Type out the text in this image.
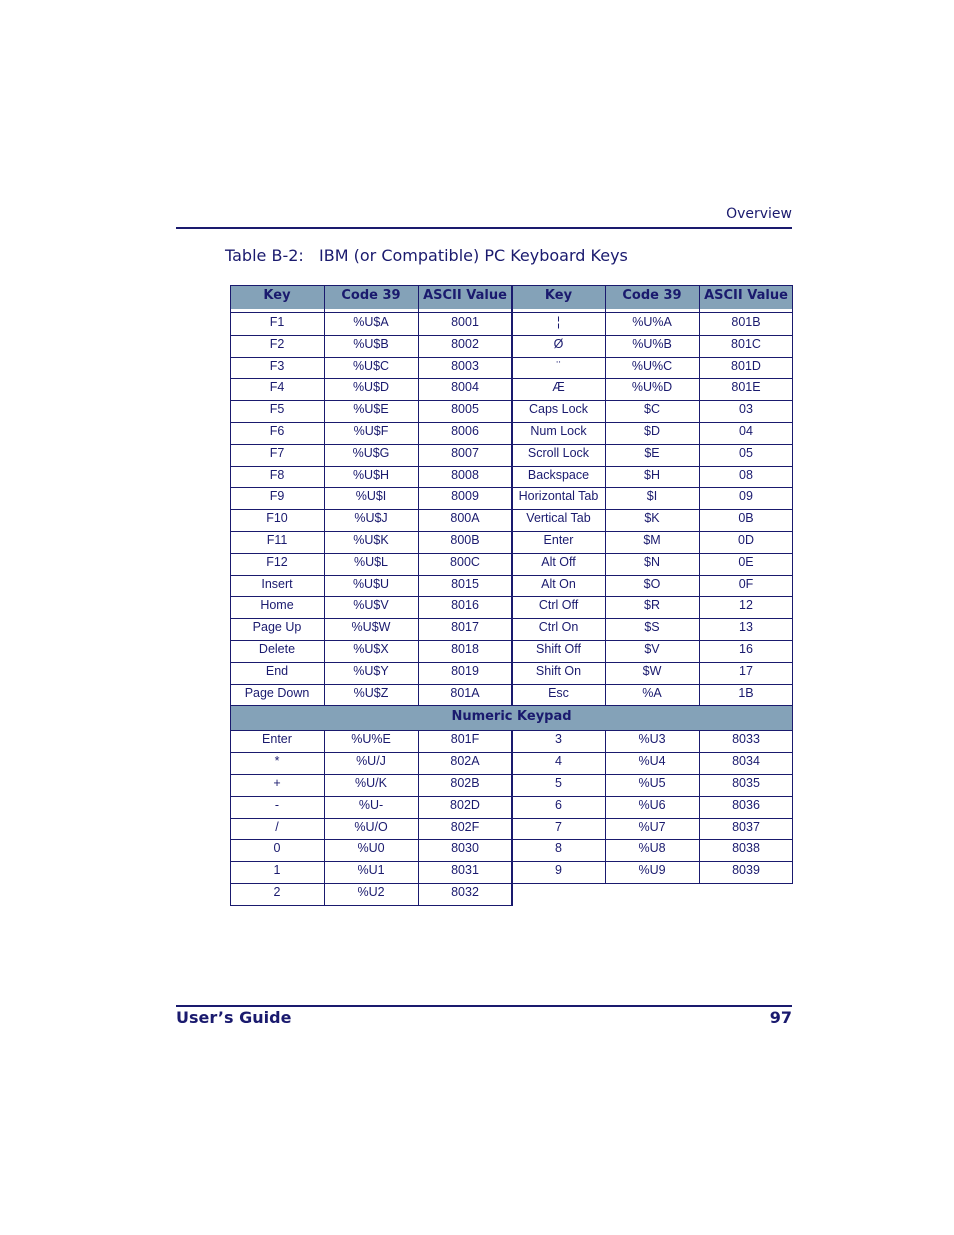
Overview
Table B-2:   IBM (or Compatible) PC Keyboard Keys
Key	Code 39	ASCII Value	Key	Code 39	ASCII Value
F1	%U$A	8001	¦	%U%A	801B
F2	%U$B	8002	Ø	%U%B	801C
F3	%U$C	8003	¨	%U%C	801D
F4	%U$D	8004	Æ	%U%D	801E
F5	%U$E	8005	Caps Lock	$C	03
F6	%U$F	8006	Num Lock	$D	04
F7	%U$G	8007	Scroll Lock	$E	05
F8	%U$H	8008	Backspace	$H	08
F9	%U$I	8009	Horizontal Tab	$I	09
F10	%U$J	800A	Vertical Tab	$K	0B
F11	%U$K	800B	Enter	$M	0D
F12	%U$L	800C	Alt Off	$N	0E
Insert	%U$U	8015	Alt On	$O	0F
Home	%U$V	8016	Ctrl Off	$R	12
Page Up	%U$W	8017	Ctrl On	$S	13
Delete	%U$X	8018	Shift Off	$V	16
End	%U$Y	8019	Shift On	$W	17
Page Down	%U$Z	801A	Esc	%A	1B
Numeric Keypad
Enter	%U%E	801F	3	%U3	8033
*	%U/J	802A	4	%U4	8034
+	%U/K	802B	5	%U5	8035
-	%U-	802D	6	%U6	8036
/	%U/O	802F	7	%U7	8037
0	%U0	8030	8	%U8	8038
1	%U1	8031	9	%U9	8039
2	%U2	8032
User’s Guide	97
